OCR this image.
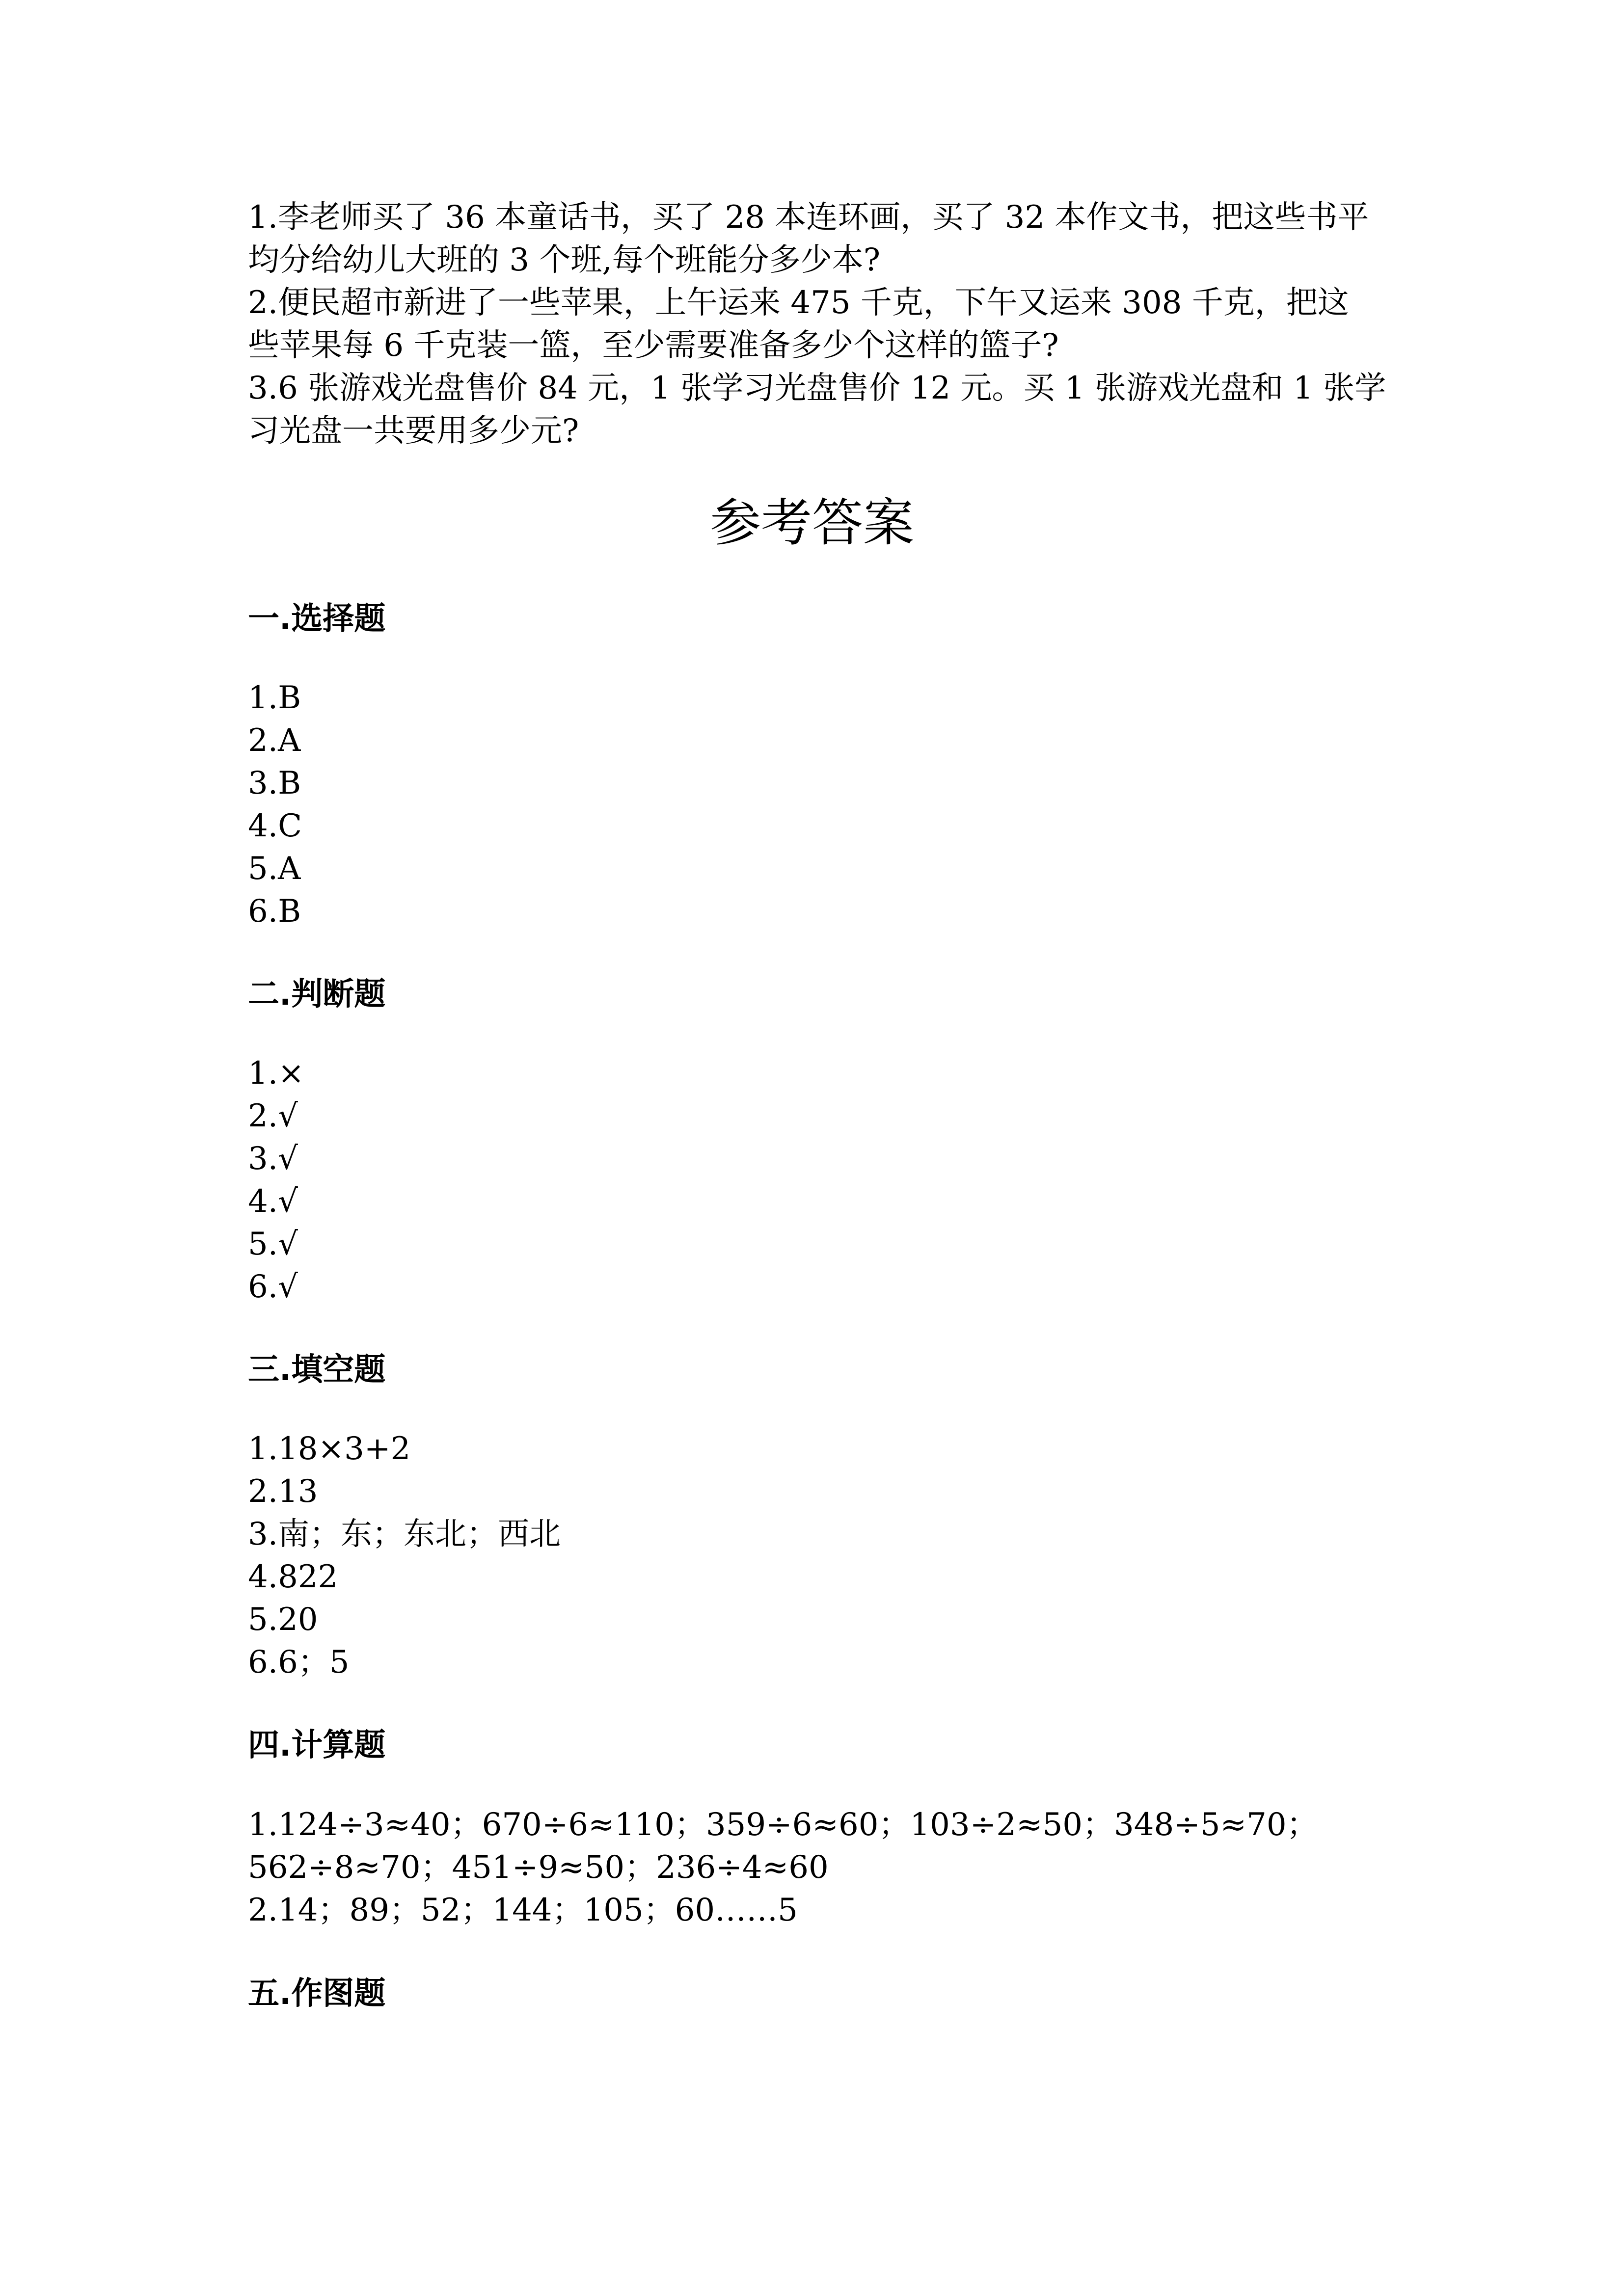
1.李老师买了 36 本童话书，买了 28 本连环画，买了 32 本作文书，把这些书平

均分给幼儿大班的 3 个班,每个班能分多少本?

2.便民超市新进了一些苹果，上午运来 475 千克，下午又运来 308 千克，把这

些苹果每 6 千克装一篮，至少需要准备多少个这样的篮子?

3.6 张游戏光盘售价 84 元，1 张学习光盘售价 12 元。买 1 张游戏光盘和 1 张学

习光盘一共要用多少元?

参考答案
一.选择题
1.B
2.A
3.B
4.C
5.A
6.B
二.判断题
1.×
2.√
3.√
4.√
5.√
6.√
三.填空题
1.18×3+2
2.13
3.南；东；东北；西北
4.822
5.20
6.6；5
四.计算题
1.124÷3≈40；670÷6≈110；359÷6≈60；103÷2≈50；348÷5≈70；
562÷8≈70；451÷9≈50；236÷4≈60
2.14；89；52；144；105；60……5
五.作图题
